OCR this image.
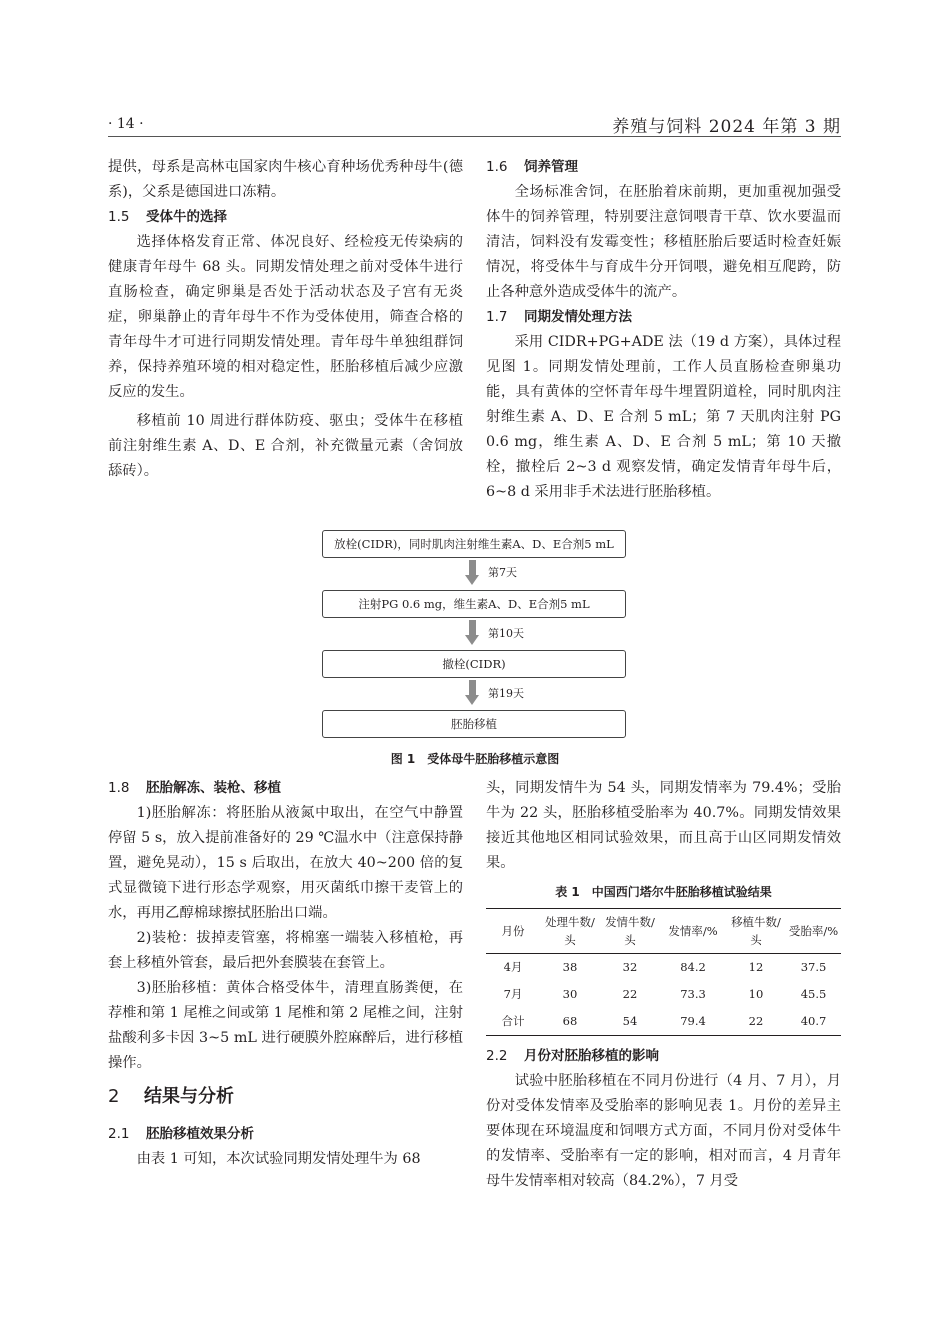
· 14 ·	养殖与饲料 2024 年第 3 期

提供，母系是高林屯国家肉牛核心育种场优秀种母牛(德系)，父系是德国进口冻精。

1.5 受体牛的选择

选择体格发育正常、体况良好、经检疫无传染病的健康青年母牛 68 头。同期发情处理之前对受体牛进行直肠检查，确定卵巢是否处于活动状态及子宫有无炎症，卵巢静止的青年母牛不作为受体使用，筛查合格的青年母牛才可进行同期发情处理。青年母牛单独组群饲养，保持养殖环境的相对稳定性，胚胎移植后减少应激反应的发生。

移植前 10 周进行群体防疫、驱虫；受体牛在移植前注射维生素 A、D、E 合剂，补充微量元素（舍饲放舔砖）。

1.6 饲养管理

全场标准舍饲，在胚胎着床前期，更加重视加强受体牛的饲养管理，特别要注意饲喂青干草、饮水要温而清洁，饲料没有发霉变性；移植胚胎后要适时检查妊娠情况，将受体牛与育成牛分开饲喂，避免相互爬跨，防止各种意外造成受体牛的流产。

1.7 同期发情处理方法

采用 CIDR+PG+ADE 法（19 d 方案），具体过程见图 1。同期发情处理前，工作人员直肠检查卵巢功能，具有黄体的空怀青年母牛埋置阴道栓，同时肌肉注射维生素 A、D、E 合剂 5 mL；第 7 天肌肉注射 PG 0.6 mg，维生素 A、D、E 合剂 5 mL；第 10 天撤栓，撤栓后 2~3 d 观察发情，确定发情青年母牛后，6~8 d 采用非手术法进行胚胎移植。

放栓(CIDR)，同时肌肉注射维生素A、D、E合剂5 mL
第7天
注射PG 0.6 mg，维生素A、D、E合剂5 mL
第10天
撤栓(CIDR)
第19天
胚胎移植
图 1　受体母牛胚胎移植示意图
1.8 胚胎解冻、装枪、移植

1)胚胎解冻：将胚胎从液氮中取出，在空气中静置停留 5 s，放入提前准备好的 29 ℃温水中（注意保持静置，避免晃动），15 s 后取出，在放大 40~200 倍的复式显微镜下进行形态学观察，用灭菌纸巾擦干麦管上的水，再用乙醇棉球擦拭胚胎出口端。

2)装枪：拔掉麦管塞，将棉塞一端装入移植枪，再套上移植外管套，最后把外套膜装在套管上。

3)胚胎移植：黄体合格受体牛，清理直肠粪便，在荐椎和第 1 尾椎之间或第 1 尾椎和第 2 尾椎之间，注射盐酸利多卡因 3~5 mL 进行硬膜外腔麻醉后，进行移植操作。

2 结果与分析
2.1 胚胎移植效果分析

由表 1 可知，本次试验同期发情处理牛为 68

头，同期发情牛为 54 头，同期发情率为 79.4%；受胎牛为 22 头，胚胎移植受胎率为 40.7%。同期发情效果接近其他地区相同试验效果，而且高于山区同期发情效果。

表 1　中国西门塔尔牛胚胎移植试验结果
月份	处理牛数/头	发情牛数/头	发情率/%	移植牛数/头	受胎率/%
4月	38	32	84.2	12	37.5
7月	30	22	73.3	10	45.5
合计	68	54	79.4	22	40.7
2.2 月份对胚胎移植的影响

试验中胚胎移植在不同月份进行（4 月、7 月），月份对受体发情率及受胎率的影响见表 1。月份的差异主要体现在环境温度和饲喂方式方面，不同月份对受体牛的发情率、受胎率有一定的影响，相对而言，4 月青年母牛发情率相对较高（84.2%），7 月受
